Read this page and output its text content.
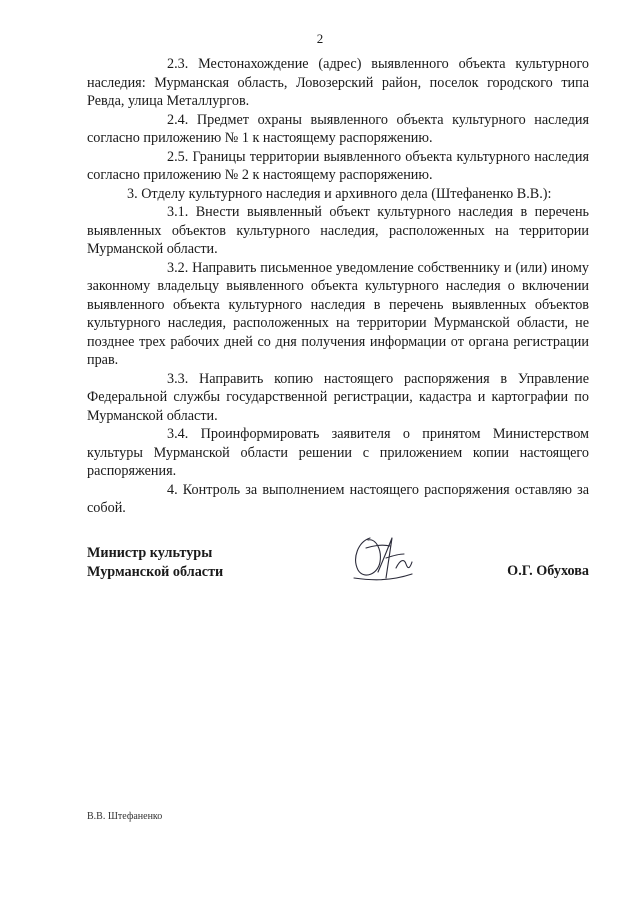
2

2.3. Местонахождение (адрес) выявленного объекта культурного наследия: Мурманская область, Ловозерский район, поселок городского типа Ревда, улица Металлургов.

2.4. Предмет охраны выявленного объекта культурного наследия согласно приложению № 1 к настоящему распоряжению.

2.5. Границы территории выявленного объекта культурного наследия согласно приложению № 2 к настоящему распоряжению.

3. Отделу культурного наследия и архивного дела (Штефаненко В.В.):

3.1. Внести выявленный объект культурного наследия в перечень выявленных объектов культурного наследия, расположенных на территории Мурманской области.

3.2. Направить письменное уведомление собственнику и (или) иному законному владельцу выявленного объекта культурного наследия о включении выявленного объекта культурного наследия в перечень выявленных объектов культурного наследия, расположенных на территории Мурманской области, не позднее трех рабочих дней со дня получения информации от органа регистрации прав.

3.3. Направить копию настоящего распоряжения в Управление Федеральной службы государственной регистрации, кадастра и картографии по Мурманской области.

3.4. Проинформировать заявителя о принятом Министерством культуры Мурманской области решении с приложением копии настоящего распоряжения.

4. Контроль за выполнением настоящего распоряжения оставляю за собой.

Министр культуры
Мурманской области	О.Г. Обухова
В.В. Штефаненко
